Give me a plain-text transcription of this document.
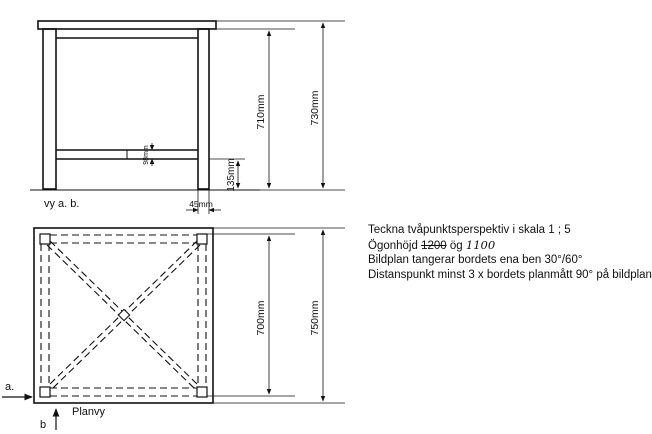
730mm
710mm
135mm
98mm
45mm
vy a. b.
750mm
700mm
a.
b
Planvy
Teckna tvåpunktsperspektiv i skala 1 ; 5
Ögonhöjd 1200 ög 1100
Bildplan tangerar bordets ena ben 30°/60°
Distanspunkt minst 3 x bordets planmått 90° på bildplan
